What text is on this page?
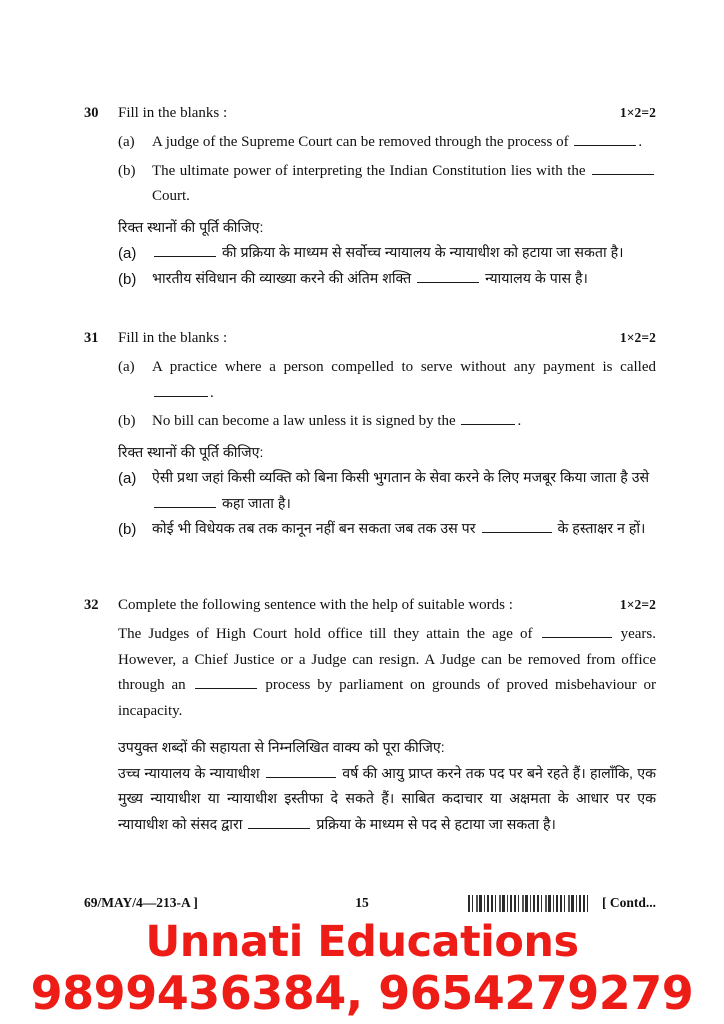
30	Fill in the blanks :	1×2=2
(a) A judge of the Supreme Court can be removed through the process of	.
(b) The ultimate power of interpreting the Indian Constitution lies with the  Court.
रिक्त स्थानों की पूर्ति कीजिए:
(a)	की प्रक्रिया के माध्यम से सर्वोच्च न्यायालय के न्यायाधीश को हटाया जा सकता है।
(b) भारतीय संविधान की व्याख्या करने की अंतिम शक्ति	न्यायालय के पास है।
31	Fill in the blanks :	1×2=2
(a) A practice where a person compelled to serve without any payment is called .
(b) No bill can become a law unless it is signed by the	.
रिक्त स्थानों की पूर्ति कीजिए:
(a) ऐसी प्रथा जहां किसी व्यक्ति को बिना किसी भुगतान के सेवा करने के लिए मजबूर किया जाता है उसे  कहा जाता है।
(b) कोई भी विधेयक तब तक कानून नहीं बन सकता जब तक उस पर	के हस्ताक्षर न हों।
32	Complete the following sentence with the help of suitable words :	1×2=2
The Judges of High Court hold office till they attain the age of	years. However, a Chief Justice or a Judge can resign. A Judge can be removed from office through an	process by parliament on grounds of proved misbehaviour or incapacity.
उपयुक्त शब्दों की सहायता से निम्नलिखित वाक्य को पूरा कीजिए:
उच्च न्यायालय के न्यायाधीश	वर्ष की आयु प्राप्त करने तक पद पर बने रहते हैं। हालाँकि, एक मुख्य न्यायाधीश या न्यायाधीश इस्तीफा दे सकते हैं। साबित कदाचार या अक्षमता के आधार पर एक न्यायाधीश को संसद द्वारा	प्रक्रिया के माध्यम से पद से हटाया जा सकता है।
69/MAY/4—213-A ]	15	[ Contd...
Unnati Educations
9899436384, 9654279279
